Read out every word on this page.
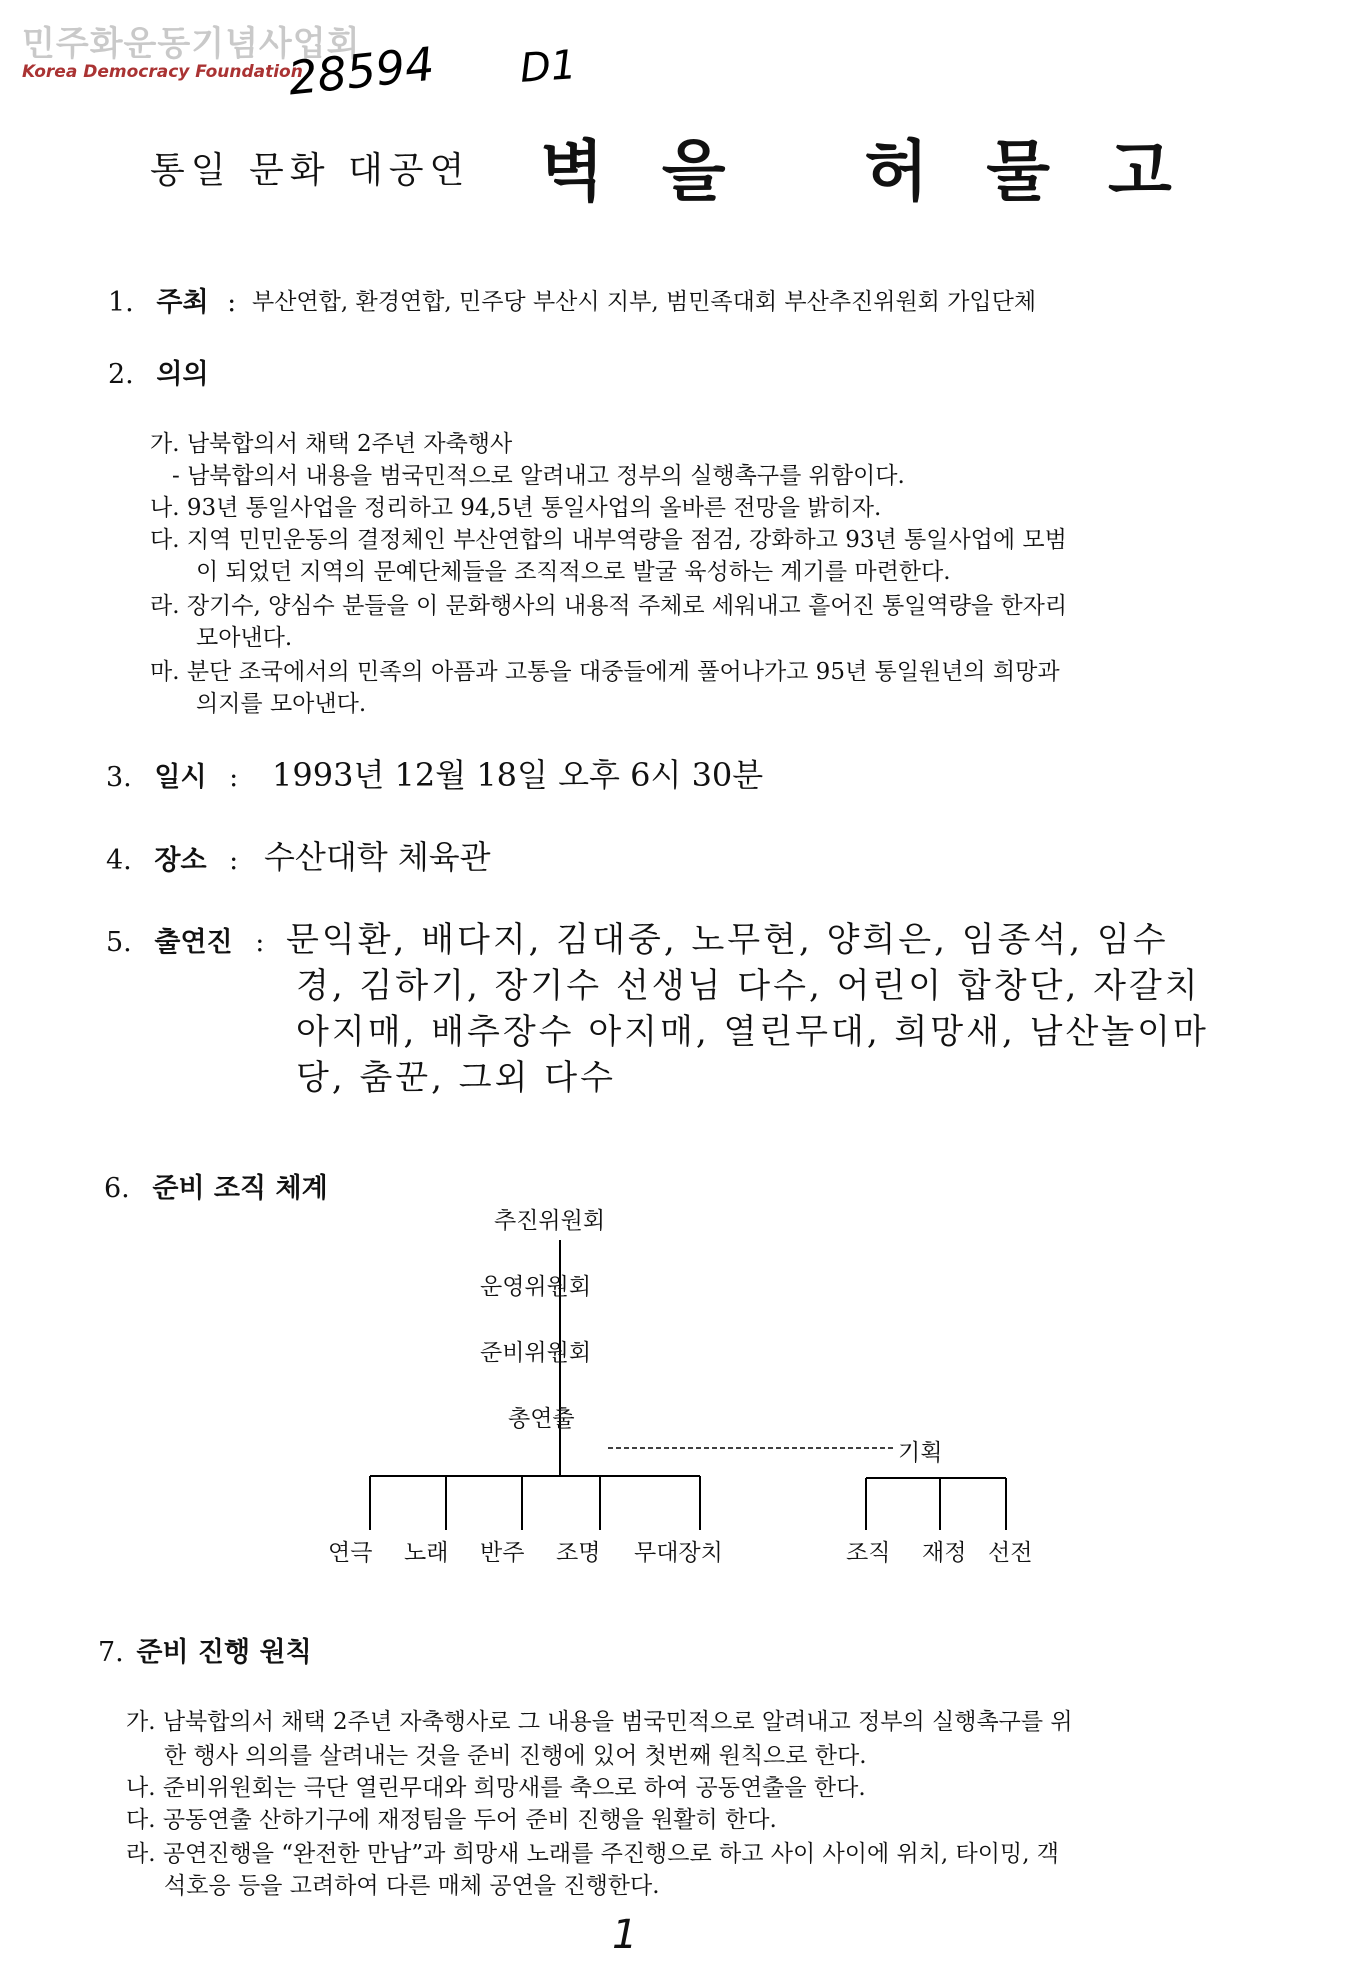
민주화운동기념사업회
Korea Democracy Foundation
28594 D1
통일 문화 대공연 벽을 허물고
1. 주최 : 부산연합, 환경연합, 민주당 부산시 지부, 범민족대회 부산추진위원회 가입단체
2. 의의
가. 남북합의서 채택 2주년 자축행사
- 남북합의서 내용을 범국민적으로 알려내고 정부의 실행촉구를 위함이다.
나. 93년 통일사업을 정리하고 94,5년 통일사업의 올바른 전망을 밝히자.
다. 지역 민민운동의 결정체인 부산연합의 내부역량을 점검, 강화하고 93년 통일사업에 모범
이 되었던 지역의 문예단체들을 조직적으로 발굴 육성하는 계기를 마련한다.
라. 장기수, 양심수 분들을 이 문화행사의 내용적 주체로 세워내고 흩어진 통일역량을 한자리
모아낸다.
마. 분단 조국에서의 민족의 아픔과 고통을 대중들에게 풀어나가고 95년 통일원년의 희망과
의지를 모아낸다.
3. 일시 : 1993년 12월 18일 오후 6시 30분
4. 장소 : 수산대학 체육관
5. 출연진 : 문익환, 배다지, 김대중, 노무현, 양희은, 임종석, 임수
경, 김하기, 장기수 선생님 다수, 어린이 합창단, 자갈치
아지매, 배추장수 아지매, 열린무대, 희망새, 남산놀이마
당, 춤꾼, 그외 다수
6. 준비 조직 체계
추진위원회
운영위원회
준비위원회
총연출
기획
연극 노래 반주 조명 무대장치	조직 재정 선전
7. 준비 진행 원칙
가. 남북합의서 채택 2주년 자축행사로 그 내용을 범국민적으로 알려내고 정부의 실행촉구를 위
한 행사 의의를 살려내는 것을 준비 진행에 있어 첫번째 원칙으로 한다.
나. 준비위원회는 극단 열린무대와 희망새를 축으로 하여 공동연출을 한다.
다. 공동연출 산하기구에 재정팀을 두어 준비 진행을 원활히 한다.
라. 공연진행을 “완전한 만남”과 희망새 노래를 주진행으로 하고 사이 사이에 위치, 타이밍, 객
석호응 등을 고려하여 다른 매체 공연을 진행한다.
1
